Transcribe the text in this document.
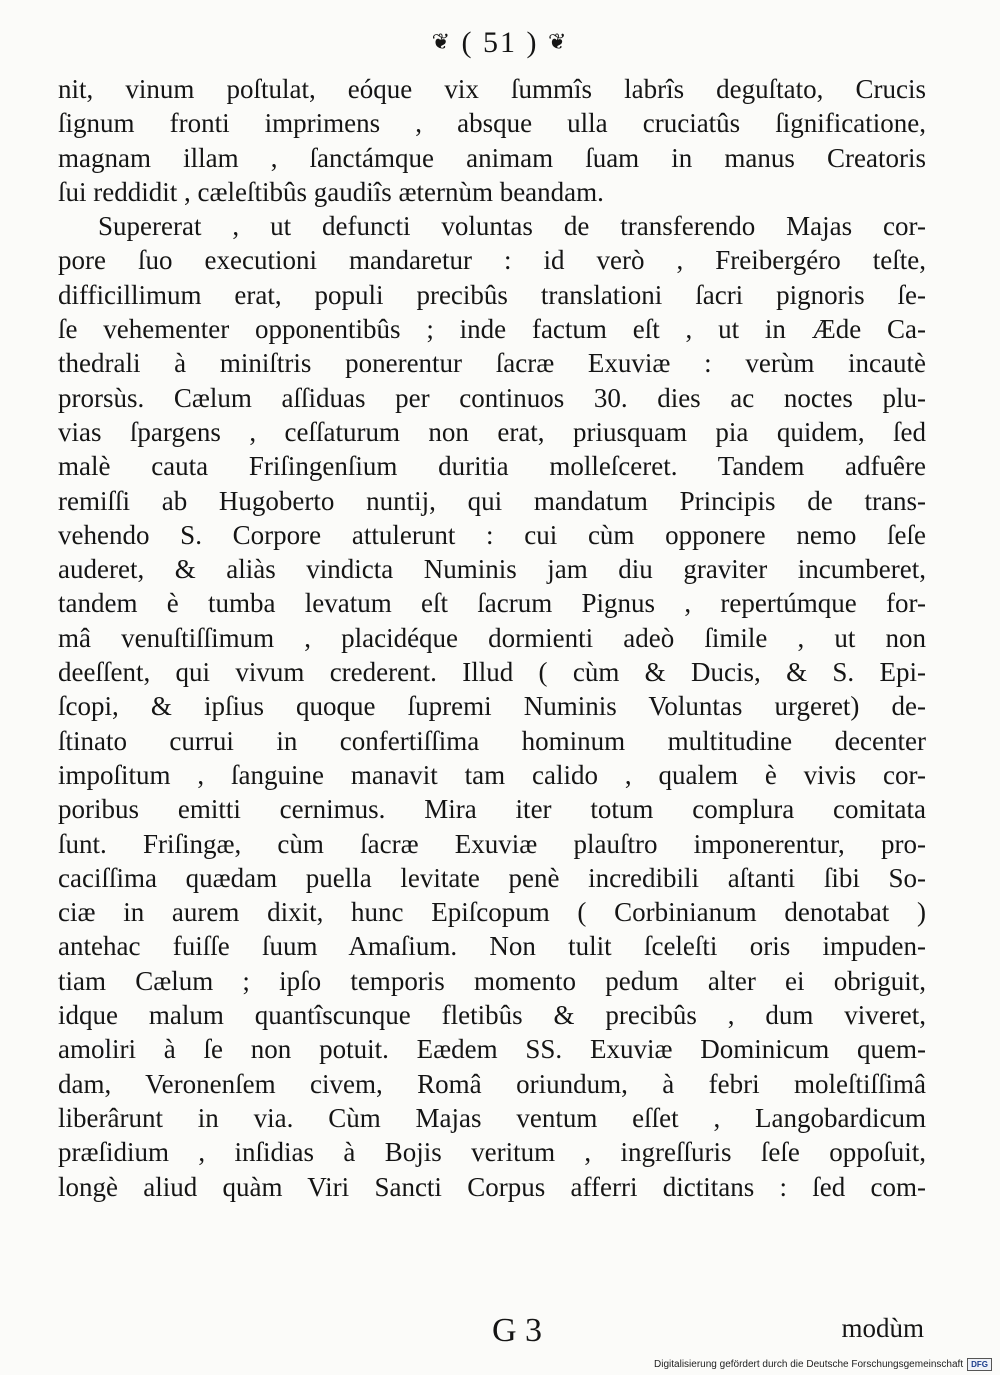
❦ ( 51 ) ❦
nit, vinum poſtulat, eóque vix ſummîs labrîs deguſtato, Crucis
ſignum fronti imprimens , absque ulla cruciatûs ſignificatione,
magnam illam , ſanctámque animam ſuam in manus Creatoris
ſui reddidit , cæleſtibûs gaudiîs æternùm beandam.
Supererat , ut defuncti voluntas de transferendo Majas cor-
pore ſuo executioni mandaretur : id verò , Freibergéro teſte,
difficillimum erat, populi precibûs translationi ſacri pignoris ſe-
ſe vehementer opponentibûs ; inde factum eſt , ut in Æde Ca-
thedrali à miniſtris ponerentur ſacræ Exuviæ : verùm incautè
prorsùs. Cælum aſſiduas per continuos 30. dies ac noctes plu-
vias ſpargens , ceſſaturum non erat, priusquam pia quidem, ſed
malè cauta Friſingenſium duritia molleſceret. Tandem adfuêre
remiſſi ab Hugoberto nuntij, qui mandatum Principis de trans-
vehendo S. Corpore attulerunt : cui cùm opponere nemo ſeſe
auderet, & aliàs vindicta Numinis jam diu graviter incumberet,
tandem è tumba levatum eſt ſacrum Pignus , repertúmque for-
mâ venuſtiſſimum , placidéque dormienti adeò ſimile , ut non
deeſſent, qui vivum crederent. Illud ( cùm & Ducis, & S. Epi-
ſcopi, & ipſius quoque ſupremi Numinis Voluntas urgeret) de-
ſtinato currui in confertiſſima hominum multitudine decenter
impoſitum , ſanguine manavit tam calido , qualem è vivis cor-
poribus emitti cernimus. Mira iter totum complura comitata
ſunt. Friſingæ, cùm ſacræ Exuviæ plauſtro imponerentur, pro-
caciſſima quædam puella levitate penè incredibili aſtanti ſibi So-
ciæ in aurem dixit, hunc Epiſcopum ( Corbinianum denotabat )
antehac fuiſſe ſuum Amaſium. Non tulit ſceleſti oris impuden-
tiam Cælum ; ipſo temporis momento pedum alter ei obriguit,
idque malum quantîscunque fletibûs & precibûs , dum viveret,
amoliri à ſe non potuit. Eædem SS. Exuviæ Dominicum quem-
dam, Veronenſem civem, Româ oriundum, à febri moleſtiſſimâ
liberârunt in via. Cùm Majas ventum eſſet , Langobardicum
præſidium , inſidias à Bojis veritum , ingreſſuris ſeſe oppoſuit,
longè aliud quàm Viri Sancti Corpus afferri dictitans : ſed com-
G 3	modùm
Digitalisierung gefördert durch die Deutsche Forschungsgemeinschaft	DFG
